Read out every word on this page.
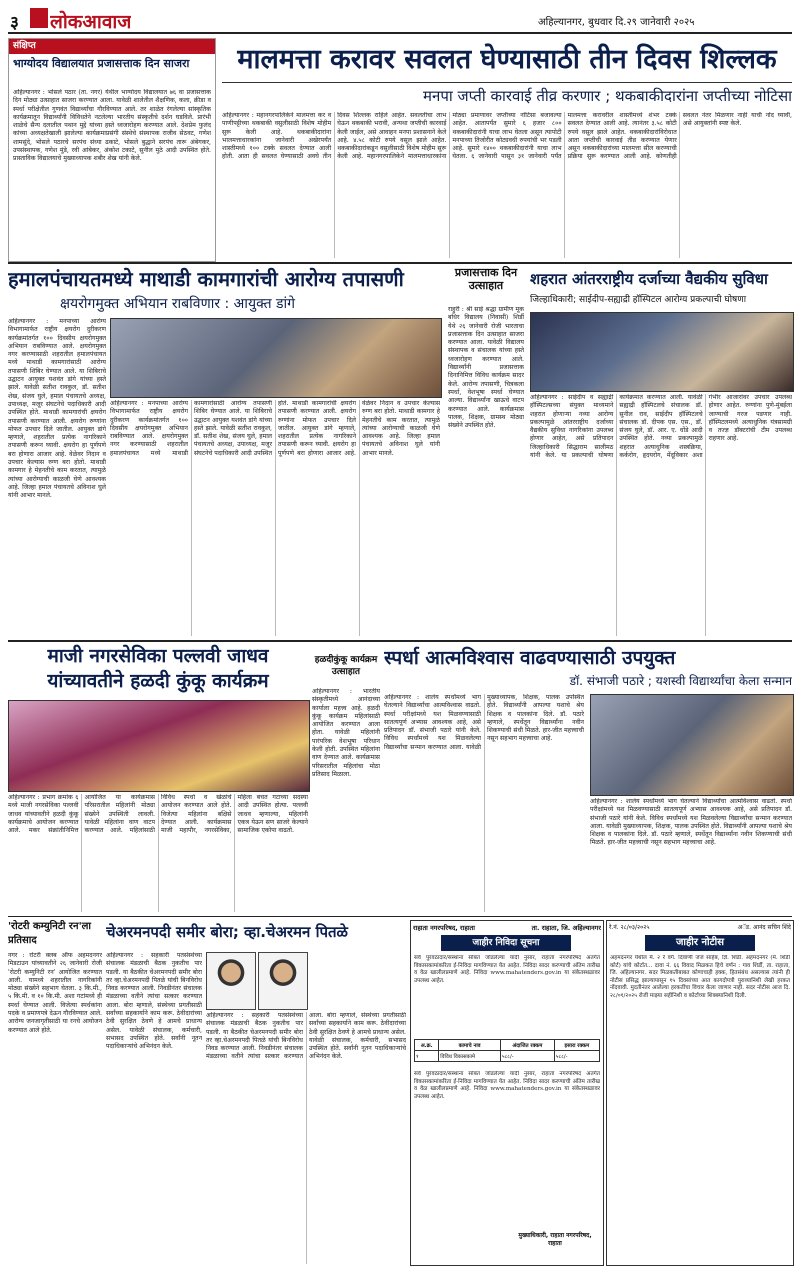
३ लोकआवाज	अहिल्यानगर, बुधवार दि.२९ जानेवारी २०२५
संक्षिप्त
भाग्योदय विद्यालयात प्रजासत्ताक दिन साजरा
अहिल्यानगर : भोसले पठार (ता. नगर) येथील भाग्योदय विद्यालयात ७६ वा प्रजासत्ताक दिन मोठ्या उत्साहात साजरा करण्यात आला. यावेळी शालेतील शैक्षणिक, कला, क्रीडा व स्पर्धा परीक्षेतील गुणवंत विद्यार्थ्यांचा गौरविण्यात आले. तर शाळेत रंगलेल्या सांस्कृतिक कार्यक्रमातून विद्यार्थ्यांनी विविधतेने नटलेल्या भारतीय संस्कृतीचे दर्शन घडविले. प्रारंभी शाळेचे सैन्य दलातील पथान मुद्दे यांच्या हस्ते ध्वजारोहण करण्यात आले. देशप्रेम फुलंद कांच्या अध्यक्षतेखाली झालेल्या कार्यक्रमाप्रसंगी संस्थेचे संस्थापक राजीव सेठवट, गणेश शामसुंदे, भोसले पठारचे सरपंच संध्या ढकाटे, भोसले बुद्धाने सरपंच तारू अंबेगकर, उपसंस्थापक, गणेश मुंडे, रवी आंबेकर, अंकोश टकाटे, सुनील मुठे आदी उपस्थित होते. प्रास्ताविक विद्यालयाचे मुख्याध्यापक शबीर शेख यांनी केले.
मालमत्ता करावर सवलत घेण्यासाठी तीन दिवस शिल्लक
मनपा जप्ती कारवाई तीव्र करणार ; थकबाकीदारांना जप्तीच्या नोटिसा
अहिल्यानगर : महानगरपालिकेने मालमत्ता कर व पाणीपट्टीच्या थकबाकी वसुलीसाठी विशेष मोहीम सुरू केली आहे. थकबाकीदारांना भालमत्ताधारकांना जानेवारी अखेरपर्यंत शास्तीमध्ये १०० टक्के सवलत देण्यात आली होती. आता ही सवलत घेण्यासाठी अवघे तीन दिवस शिल्लक राहिले आहेत. सवलतीचा लाभ घेऊन थकबाकी भरावी, अन्यथा जप्तीची कारवाई केली जाईल, असे आवाहन मनपा प्रशासनाने केले आहे. ४.५८ कोटी रुपये वसूल झाले आहेत. थकबाकीदारांकडून वसुलीसाठी विशेष मोहीम सुरू केली आहे. महानगरपालिकेने मालमत्ताधारकांना मोठ्या प्रमाणावर जप्तीच्या नोटिसा बजावल्या आहेत. आतापर्यंत सुमारे ६ हजार ८०० थकबाकीदारांनी याचा लाभ घेतला असून त्यापोटी मनपाच्या तिजोरीत कोट्यवधी रुपयांची भर पडली आहे. सुमारे १४०० थकबाकीदारांनी याचा लाभ घेतला. ६ जानेवारी पासून ३१ जानेवारी पर्यंत मालमत्ता करावरील शास्तीमध्ये शंभर टक्के सवलत देण्यात आली आहे. त्यानंतर ३.५८ कोटी रुपये वसूल झाले आहेत. थकबाकीदारांविरोधात आता जप्तीची कारवाई तीव्र करण्यात येणार असून थकबाकीदारांच्या मालमत्ता सील करण्याची प्रक्रिया सुरू करण्यात आली आहे. कोणतीही सवलत नंतर मिळणार नाही याची नोंद घ्यावी, असे आयुक्तांनी स्पष्ट केले.
हमालपंचायतमध्ये माथाडी कामगारांची आरोग्य तपासणी
क्षयरोगमुक्त अभियान राबविणार : आयुक्त डांगे
अहिल्यानगर : मनपाच्या आरोग्य विभागामार्फत राष्ट्रीय क्षयरोग दुरीकरण कार्यक्रमांतर्गत १०० दिवसीय क्षयरोगमुक्त अभियान राबविण्यात आले. क्षयरोगमुक्त नगर करण्यासाठी शहरातील हमालपंचायत मध्ये माथाडी कामगारांसाठी आरोग्य तपासणी शिबिर घेण्यात आले. या शिबिराचे उद्घाटन आयुक्त यशवंत डांगे यांच्या हस्ते झाले. यावेळी सतीश रावकुल, डॉ. सतीश शेख, संजय घुले, हमाल पंचायतचे अध्यक्ष, उपाध्यक्ष, मजूर संघटनेचे पदाधिकारी आदी उपस्थित होते. माथाडी कामगारांची क्षयरोग तपासणी करण्यात आली. क्षयरोग रुग्णांना मोफत उपचार दिले जातील. आयुक्त डांगे म्हणाले, शहरातील प्रत्येक नागरिकाने तपासणी करून घ्यावी. क्षयरोग हा पूर्णपणे बरा होणारा आजार आहे. वेळेवर निदान व उपचार केल्यास रुग्ण बरा होतो. माथाडी कामगार हे मेहनतीचे काम करतात, त्यामुळे त्यांच्या आरोग्याची काळजी घेणे आवश्यक आहे. जिल्हा हमाल पंचायतचे अविनाश घुले यांनी आभार मानले.
अहिल्यानगर : मनपाच्या आरोग्य विभागामार्फत राष्ट्रीय क्षयरोग दुरीकरण कार्यक्रमांतर्गत १०० दिवसीय क्षयरोगमुक्त अभियान राबविण्यात आले. क्षयरोगमुक्त नगर करण्यासाठी शहरातील हमालपंचायत मध्ये माथाडी कामगारांसाठी आरोग्य तपासणी शिबिर घेण्यात आले. या शिबिराचे उद्घाटन आयुक्त यशवंत डांगे यांच्या हस्ते झाले. यावेळी सतीश रावकुल, डॉ. सतीश शेख, संजय घुले, हमाल पंचायतचे अध्यक्ष, उपाध्यक्ष, मजूर संघटनेचे पदाधिकारी आदी उपस्थित होते. माथाडी कामगारांची क्षयरोग तपासणी करण्यात आली. क्षयरोग रुग्णांना मोफत उपचार दिले जातील. आयुक्त डांगे म्हणाले, शहरातील प्रत्येक नागरिकाने तपासणी करून घ्यावी. क्षयरोग हा पूर्णपणे बरा होणारा आजार आहे. वेळेवर निदान व उपचार केल्यास रुग्ण बरा होतो. माथाडी कामगार हे मेहनतीचे काम करतात, त्यामुळे त्यांच्या आरोग्याची काळजी घेणे आवश्यक आहे. जिल्हा हमाल पंचायतचे अविनाश घुले यांनी आभार मानले.
प्रजासत्ताक दिन उत्साहात
राहुरी : श्री साई श्रद्धा ग्रामीण मूक बधिर विद्यालय (निवासी) शिर्डी येथे २६ जानेवारी रोजी भारताचा प्रजासत्ताक दिन उत्साहात साजरा करण्यात आला. यावेळी विद्यालय संस्थापक व संचालक यांच्या हस्ते ध्वजारोहण करण्यात आले. विद्यार्थ्यांनी प्रजासत्ताक दिनानिमित्त विविध कार्यक्रम सादर केले. आरोग्य तपासणी, चित्रकला स्पर्धा, वेशभूषा स्पर्धा घेण्यात आल्या. विद्यार्थ्यांना खाऊचे वाटप करण्यात आले. कार्यक्रमास पालक, शिक्षक, ग्रामस्थ मोठ्या संख्येने उपस्थित होते.
शहरात आंतरराष्ट्रीय दर्जाच्या वैद्यकीय सुविधा
जिल्हाधिकारी; साईदीप-सह्याद्री हॉस्पिटल आरोग्य प्रकल्पाची घोषणा
अहिल्यानगर : साईदीप व सह्याद्री हॉस्पिटल्सच्या संयुक्त माध्यमाने शहरात होणाऱ्या नव्या आरोग्य प्रकल्पामुळे आंतरराष्ट्रीय दर्जाच्या वैद्यकीय सुविधा नागरिकांना उपलब्ध होणार आहेत, असे प्रतिपादन जिल्हाधिकारी सिद्धाराम सालीमठ यांनी केले. या प्रकल्पाची घोषणा कार्यक्रमात करण्यात आली. यावेळी सह्याद्री हॉस्पिटलचे संचालक डॉ. सुनील राव, साईदीप हॉस्पिटलचे संचालक डॉ. दीपक एस. एस., डॉ. संजय घुले, डॉ. आर. ए. धोंडे आदी उपस्थित होते. नव्या प्रकल्पामुळे शहरात अत्याधुनिक शस्त्रक्रिया, कर्करोग, हृदयरोग, मेंदूविकार अशा गंभीर आजारांवर उपचार उपलब्ध होणार आहेत. रुग्णांना पुणे-मुंबईला जाण्याची गरज पडणार नाही. हॉस्पिटलमध्ये अत्याधुनिक यंत्रसामग्री व तज्ज्ञ डॉक्टरांची टीम उपलब्ध राहणार आहे.
माजी नगरसेविका पल्लवी जाधव यांच्यावतीने हळदी कुंकू कार्यक्रम
अहिल्यानगर : प्रभाग क्रमांक ६ मध्ये माजी नगरसेविका पल्लवी जाधव यांच्यावतीने हळदी कुंकू कार्यक्रमाचे आयोजन करण्यात आले. मकर संक्रांतीनिमित्त आयोजित या कार्यक्रमास परिसरातील महिलांनी मोठ्या संख्येने उपस्थिती लावली. यावेळी महिलांना वाण वाटप करण्यात आले. महिलांसाठी विविध स्पर्धा व खेळांचे आयोजन करण्यात आले होते. विजेत्या महिलांना बक्षिसे देण्यात आली. कार्यक्रमास माजी महापौर, नगरसेविका, महिला बचत गटाच्या सदस्या आदी उपस्थित होत्या. पल्लवी जाधव म्हणाल्या, महिलांनी एकत्र येऊन सण साजरे केल्याने सामाजिक एकोपा वाढतो.
हळदीकुंकू कार्यक्रम उत्साहात
अहिल्यानगर : भारतीय संस्कृतीमध्ये आनंदाच्या कार्याला महत्त्व आहे. हळदी कुंकू कार्यक्रम महिलांसाठी आयोजित करण्यात आला होता. यावेळी महिलांनी पारंपरिक वेशभूषा परिधान केली होती. उपस्थित महिलांना वाण देण्यात आले. कार्यक्रमास परिसरातील महिलांचा मोठा प्रतिसाद मिळाला.
स्पर्धा आत्मविश्वास वाढवण्यासाठी उपयुक्त
डॉ. संभाजी पठारे ; यशस्वी विद्यार्थ्यांचा केला सन्मान
अहिल्यानगर : शालेय स्पर्धांमध्ये भाग घेतल्याने विद्यार्थ्यांचा आत्मविश्वास वाढतो. स्पर्धा परीक्षांमध्ये यश मिळवण्यासाठी सातत्यपूर्ण अभ्यास आवश्यक आहे, असे प्रतिपादन डॉ. संभाजी पठारे यांनी केले. विविध स्पर्धांमध्ये यश मिळवलेल्या विद्यार्थ्यांचा सन्मान करण्यात आला. यावेळी मुख्याध्यापक, शिक्षक, पालक उपस्थित होते. विद्यार्थ्यांनी आपल्या यशाचे श्रेय शिक्षक व पालकांना दिले. डॉ. पठारे म्हणाले, स्पर्धेतून विद्यार्थ्यांना नवीन शिकण्याची संधी मिळते. हार-जीत महत्त्वाची नसून सहभाग महत्त्वाचा आहे.
अहिल्यानगर : शालेय स्पर्धांमध्ये भाग घेतल्याने विद्यार्थ्यांचा आत्मविश्वास वाढतो. स्पर्धा परीक्षांमध्ये यश मिळवण्यासाठी सातत्यपूर्ण अभ्यास आवश्यक आहे, असे प्रतिपादन डॉ. संभाजी पठारे यांनी केले. विविध स्पर्धांमध्ये यश मिळवलेल्या विद्यार्थ्यांचा सन्मान करण्यात आला. यावेळी मुख्याध्यापक, शिक्षक, पालक उपस्थित होते. विद्यार्थ्यांनी आपल्या यशाचे श्रेय शिक्षक व पालकांना दिले. डॉ. पठारे म्हणाले, स्पर्धेतून विद्यार्थ्यांना नवीन शिकण्याची संधी मिळते. हार-जीत महत्त्वाची नसून सहभाग महत्त्वाचा आहे.
'रोटरी कम्युनिटी रन'ला प्रतिसाद
नगर : रोटरी क्लब ऑफ अहमदनगर मिडटाउन यांच्यावतीने २६ जानेवारी रोजी 'रोटरी कम्युनिटी रन' आयोजित करण्यात आली. यामध्ये शहरातील नागरिकांनी मोठ्या संख्येने सहभाग घेतला. ३ कि.मी., ५ कि.मी. व १० कि.मी. अशा गटांमध्ये ही स्पर्धा घेण्यात आली. विजेत्या स्पर्धकांना पदके व प्रमाणपत्रे देऊन गौरविण्यात आले. आरोग्य जनजागृतीसाठी या रनचे आयोजन करण्यात आले होते.
चेअरमनपदी समीर बोरा; व्हा.चेअरमन पितळे
अहिल्यानगर : सहकारी पतसंस्थेच्या संचालक मंडळाची बैठक नुकतीच पार पडली. या बैठकीत चेअरमनपदी समीर बोरा तर व्हा.चेअरमनपदी पितळे यांची बिनविरोध निवड करण्यात आली. निवडीनंतर संचालक मंडळाच्या वतीने त्यांचा सत्कार करण्यात आला. बोरा म्हणाले, संस्थेच्या प्रगतीसाठी सर्वांच्या सहकार्याने काम करू. ठेवीदारांच्या ठेवी सुरक्षित ठेवणे हे आमचे प्राधान्य असेल. यावेळी संचालक, कर्मचारी, सभासद उपस्थित होते. सर्वांनी नूतन पदाधिकाऱ्यांचे अभिनंदन केले.
अहिल्यानगर : सहकारी पतसंस्थेच्या संचालक मंडळाची बैठक नुकतीच पार पडली. या बैठकीत चेअरमनपदी समीर बोरा तर व्हा.चेअरमनपदी पितळे यांची बिनविरोध निवड करण्यात आली. निवडीनंतर संचालक मंडळाच्या वतीने त्यांचा सत्कार करण्यात आला. बोरा म्हणाले, संस्थेच्या प्रगतीसाठी सर्वांच्या सहकार्याने काम करू. ठेवीदारांच्या ठेवी सुरक्षित ठेवणे हे आमचे प्राधान्य असेल. यावेळी संचालक, कर्मचारी, सभासद उपस्थित होते. सर्वांनी नूतन पदाधिकाऱ्यांचे अभिनंदन केले.
राहाता नगरपरिषद, राहाता	ता. राहाता, जि. अहिल्यानगर
जाहीर निविदा सूचना
सर्व पुरवठादार/संस्थांना सोबत जोडलेल्या यादी नुसार, राहाता नगरपरिषद अंतर्गत विकासकामांकरिता ई-निविदा मागविण्यात येत आहेत. निविदा सादर करण्याची अंतिम तारीख व वेळ खालीलप्रमाणे आहे. निविदा www.mahatenders.gov.in या संकेतस्थळावर उपलब्ध आहेत.
अ.क्र.	कामाचे नाव	अंदाजित रक्कम	इसारा रक्कम
१	विविध विकासकामे	५८८/-	५८८/-
सर्व पुरवठादार/संस्थांना सोबत जोडलेल्या यादी नुसार, राहाता नगरपरिषद अंतर्गत विकासकामांकरिता ई-निविदा मागविण्यात येत आहेत. निविदा सादर करण्याची अंतिम तारीख व वेळ खालीलप्रमाणे आहे. निविदा www.mahatenders.gov.in या संकेतस्थळावर उपलब्ध आहेत.
मुख्याधिकारी, राहाता नगरपरिषद, राहाता
रे.नं. २८/०३/२०२५	अॅड. आनंद सचिन शिंदे
जाहीर नोटीस
अहमदनगर येथील मे. २ रे वर्ग. दिवाणी जज साहेब, ज्ञि. शिर्डी. अहमदनगर (मे. शिर्डी कोर्ट) यांचे कोर्टात... दावा नं. ६६ विवाद मिळकत हिचे वर्णन : गाव शिर्डी, ता. राहाता, जि. अहिल्यानगर. सदर मिळकतीबाबत कोणाचाही हक्क, हितसंबंध असल्यास त्यांनी ही नोटीस प्रसिद्ध झाल्यापासून १५ दिवसांच्या आत कागदोपत्री पुराव्यानिशी लेखी हरकत नोंदवावी. मुदतीनंतर आलेल्या हरकतींचा विचार केला जाणार नाही. सदर नोटीस आज दि. २८/०१/२०२५ रोजी माझ्या सहीनिशी व कोर्टाच्या शिक्क्यानिशी दिली.
